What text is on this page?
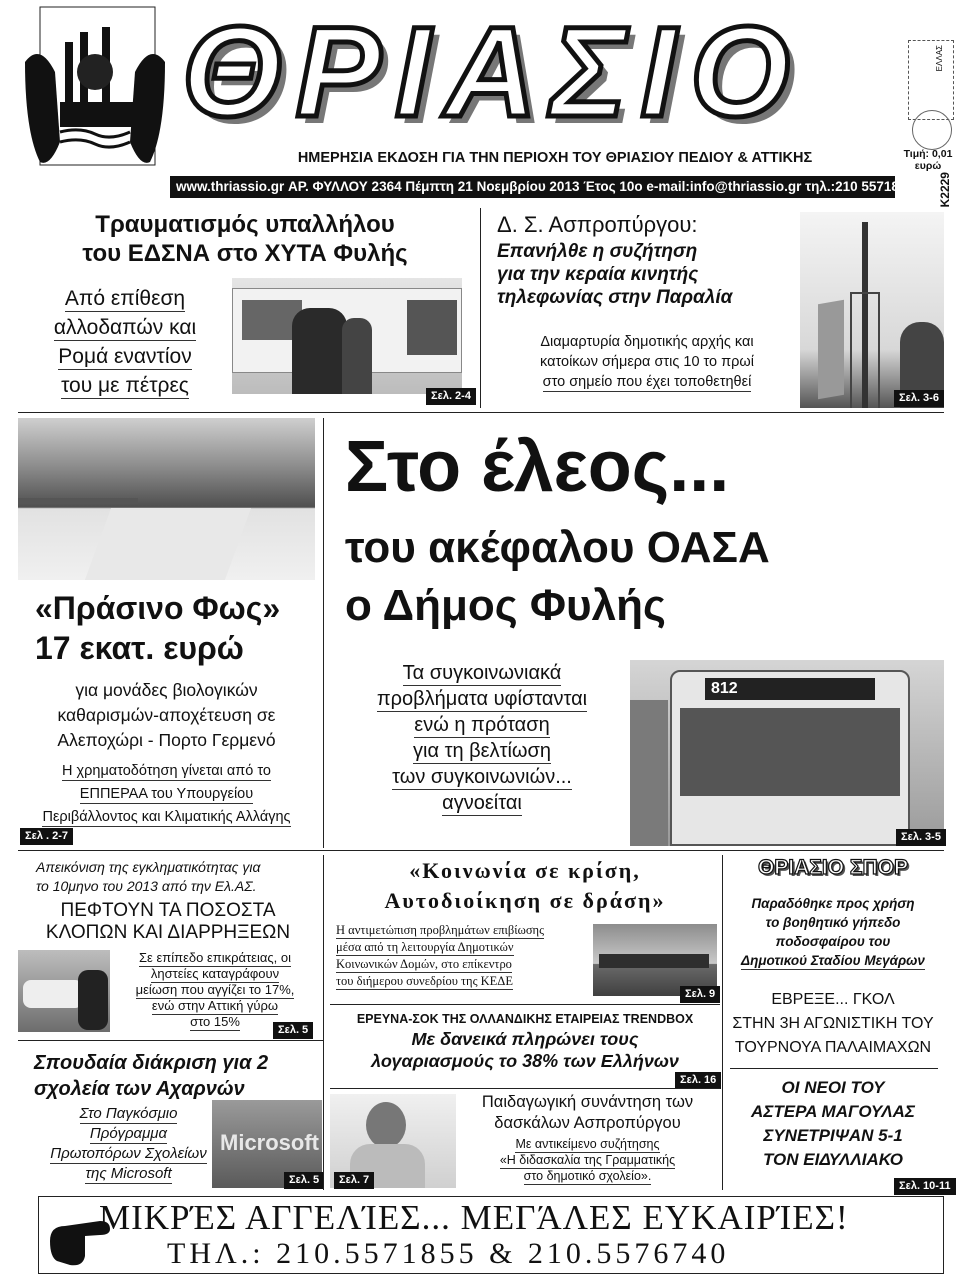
ΘΡΙΑΣΙΟ
ΗΜΕΡΗΣΙΑ ΕΚΔΟΣΗ ΓΙΑ ΤΗΝ ΠΕΡΙΟΧΗ ΤΟΥ ΘΡΙΑΣΙΟΥ ΠΕΔΙΟΥ & ΑΤΤΙΚΗΣ
www.thriassio.gr ΑΡ. ΦΥΛΛΟΥ 2364 Πέμπτη 21 Νοεμβρίου 2013 Έτος 10ο e-mail:info@thriassio.gr τηλ.:210 5571855
ΕΛΛΑΣ
Τιμή: 0,01
ευρώ
K2229
Τραυματισμός υπαλλήλου
του ΕΔΣΝΑ στο ΧΥΤΑ Φυλής
Από επίθεση
αλλοδαπών και
Ρομά εναντίον
του με πέτρες	Σελ. 2-4
Δ. Σ. Ασπροπύργου:
Επανήλθε η συζήτηση
για την κεραία κινητής
τηλεφωνίας στην Παραλία
Διαμαρτυρία δημοτικής αρχής και
κατοίκων σήμερα στις 10 το πρωί
στο σημείο που έχει τοποθετηθεί
Σελ. 3-6
«Πράσινο Φως»
17 εκατ. ευρώ
για μονάδες βιολογικών
καθαρισμών-αποχέτευση σε
Αλεποχώρι - Πορτο Γερμενό
Η χρηματοδότηση γίνεται από το
ΕΠΠΕΡΑΑ του Υπουργείου
Περιβάλλοντος και Κλιματικής Αλλάγης
Σελ . 2-7
Στο έλεος...
του ακέφαλου ΟΑΣΑ
ο Δήμος Φυλής
Τα συγκοινωνιακά
προβλήματα υφίστανται
ενώ η πρόταση
για τη βελτίωση
των συγκοινωνιών...
αγνοείται
812
Σελ. 3-5
Απεικόνιση της εγκληματικότητας για
το 10μηνο του 2013 από την Ελ.ΑΣ.
ΠΕΦΤΟΥΝ ΤΑ ΠΟΣΟΣΤΑ
ΚΛΟΠΩΝ ΚΑΙ ΔΙΑΡΡΗΞΕΩΝ
Σε επίπεδο επικράτειας, οι
ληστείες καταγράφουν
μείωση που αγγίζει το 17%,
ενώ στην Αττική γύρω
στο 15%
Σελ. 5
Σπουδαία διάκριση για 2
σχολεία των Αχαρνών
Στο Παγκόσμιο
Πρόγραμμα
Πρωτοπόρων Σχολείων
της Microsoft
Microsoft
Σελ. 5
«Κοινωνία σε κρίση,
Αυτοδιοίκηση σε δράση»
Η αντιμετώπιση προβλημάτων επιβίωσης
μέσα από τη λειτουργία Δημοτικών
Κοινωνικών Δομών, στο επίκεντρο
του διήμερου συνεδρίου της ΚΕΔΕ
Σελ. 9
ΕΡΕΥΝΑ-ΣΟΚ ΤΗΣ ΟΛΛΑΝΔΙΚΗΣ ΕΤΑΙΡΕΙΑΣ TRENDBOX
Με δανεικά πληρώνει τους
λογαριασμούς το 38% των Ελλήνων
Σελ. 16
Σελ. 7
Παιδαγωγική συνάντηση των
δασκάλων Ασπροπύργου
Με αντικείμενο συζήτησης
«Η διδασκαλία της Γραμματικής
στο δημοτικό σχολείο».
ΘΡΙΑΣΙΟ ΣΠΟΡ
Παραδόθηκε προς χρήση
το βοηθητικό γήπεδο
ποδοσφαίρου του
Δημοτικού Σταδίου Μεγάρων
ΕΒΡΕΞΕ... ΓΚΟΛ
ΣΤΗΝ 3Η ΑΓΩΝΙΣΤΙΚΗ ΤΟΥ
ΤΟΥΡΝΟΥΑ ΠΑΛΑΙΜΑΧΩΝ
ΟΙ ΝΕΟΙ ΤΟΥ
ΑΣΤΕΡΑ ΜΑΓΟΥΛΑΣ
ΣΥΝΕΤΡΙΨΑΝ 5-1
ΤΟΝ ΕΙΔΥΛΛΙΑΚΟ
Σελ. 10-11
ΜΙΚΡΈΣ ΑΓΓΕΛΊΕΣ... ΜΕΓΆΛΕΣ ΕΥΚΑΙΡΊΕΣ!
ΤΗΛ.: 210.5571855 & 210.5576740
